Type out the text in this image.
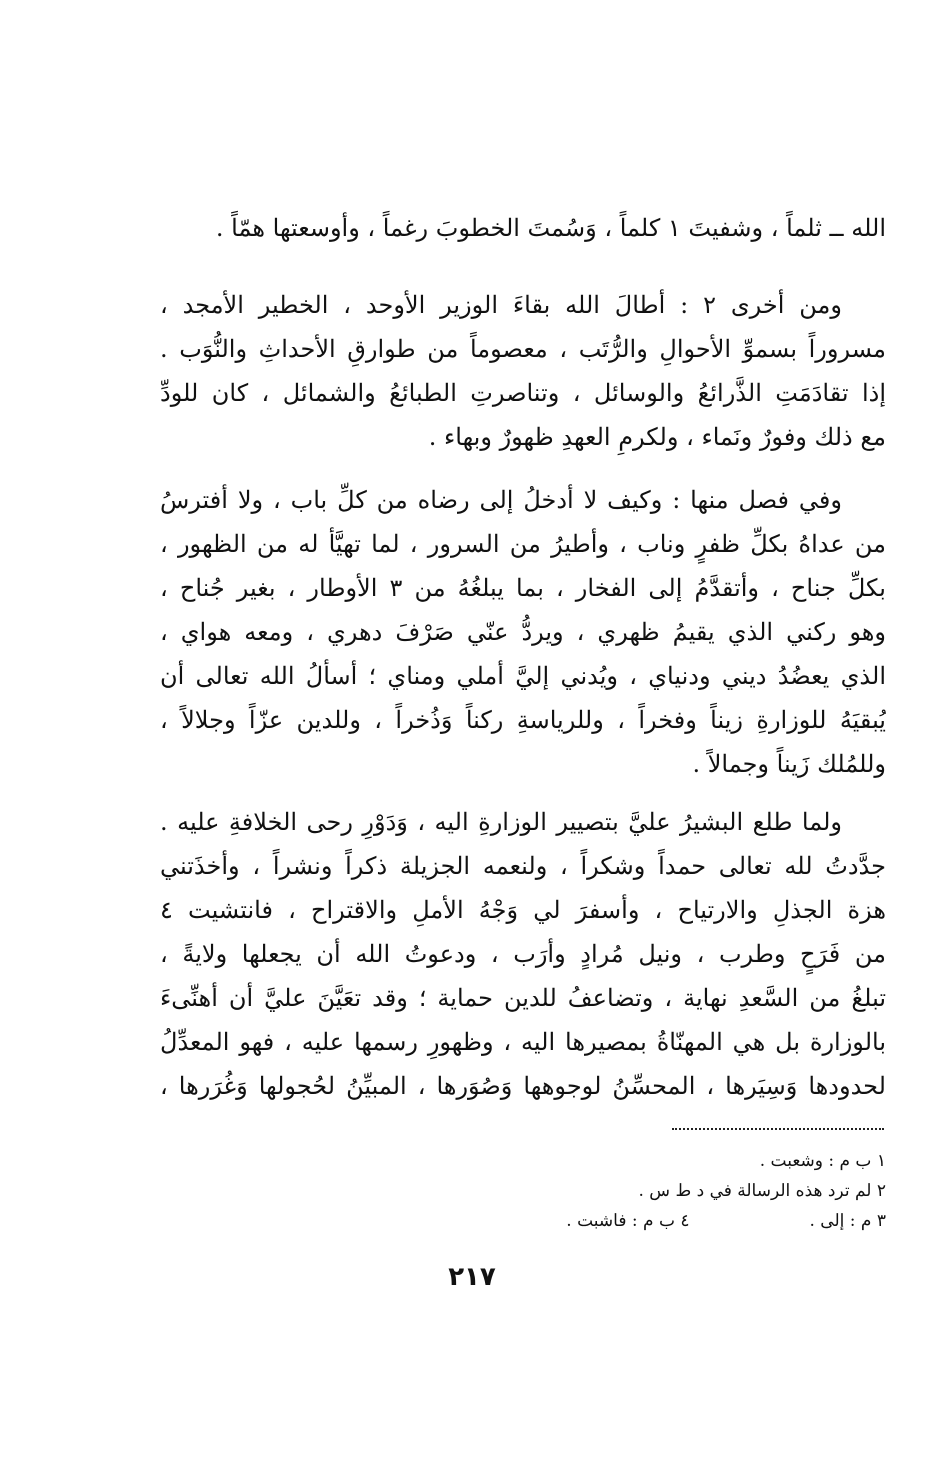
الله ــ ثلماً ، وشفيتَ ١ كلماً ، وَسُمتَ الخطوبَ رغماً ، وأوسعتها همّاً .
ومن أخرى ٢ : أطالَ الله بقاءَ الوزير الأوحد ، الخطير الأمجد ،
مسروراً بسموِّ الأحوالِ والرُّتَب ، معصوماً من طوارقِ الأحداثِ والنُّوَب .
إذا تقادَمَتِ الذَّرائعُ والوسائل ، وتناصرتِ الطبائعُ والشمائل ، كان للودِّ
مع ذلك وفورٌ ونَماء ، ولكرمِ العهدِ ظهورٌ وبهاء .
وفي فصل منها : وكيف لا أدخلُ إلى رضاه من كلِّ باب ، ولا أفترسُ
من عداهُ بكلِّ ظفرٍ وناب ، وأطيرُ من السرور ، لما تهيَّأ له من الظهور ،
بكلِّ جناح ، وأتقدَّمُ إلى الفخار ، بما يبلغُهُ من ٣ الأوطار ، بغير جُناح ،
وهو ركني الذي يقيمُ ظهري ، ويردُّ عنّي صَرْفَ دهري ، ومعه هواي ،
الذي يعضُدُ ديني ودنياي ، ويُدني إليَّ أملي ومناي ؛ أسألُ الله تعالى أن
يُبقيَهُ للوزارةِ زيناً وفخراً ، وللرياسةِ ركناً وَذُخراً ، وللدين عزّاً وجلالاً ،
وللمُلك زَيناً وجمالاً .
ولما طلع البشيرُ عليَّ بتصيير الوزارةِ اليه ، وَدَوْرِ رحى الخلافةِ عليه .
جدَّدتُ لله تعالى حمداً وشكراً ، ولنعمه الجزيلة ذكراً ونشراً ، وأخذَتني
هزة الجذلِ والارتياح ، وأسفرَ لي وَجْهُ الأملِ والاقتراح ، فانتشيت ٤
من فَرَحٍ وطرب ، ونيل مُرادٍ وأرَب ، ودعوتُ الله أن يجعلها ولايةً ،
تبلغُ من السَّعدِ نهاية ، وتضاعفُ للدين حماية ؛ وقد تعَيَّنَ عليَّ أن أهنِّىءَ
بالوزارة بل هي المهنّاةُ بمصيرها اليه ، وظهورِ رسمها عليه ، فهو المعدِّلُ
لحدودها وَسِيَرها ، المحسِّنُ لوجوهها وَصُوَرها ، المبيِّنُ لحُجولها وَغُرَرها ،
١ ب م : وشعبت .
٢ لم ترد هذه الرسالة في د ط س .
٣ م : إلى .
٤ ب م : فاشبت .
٢١٧
